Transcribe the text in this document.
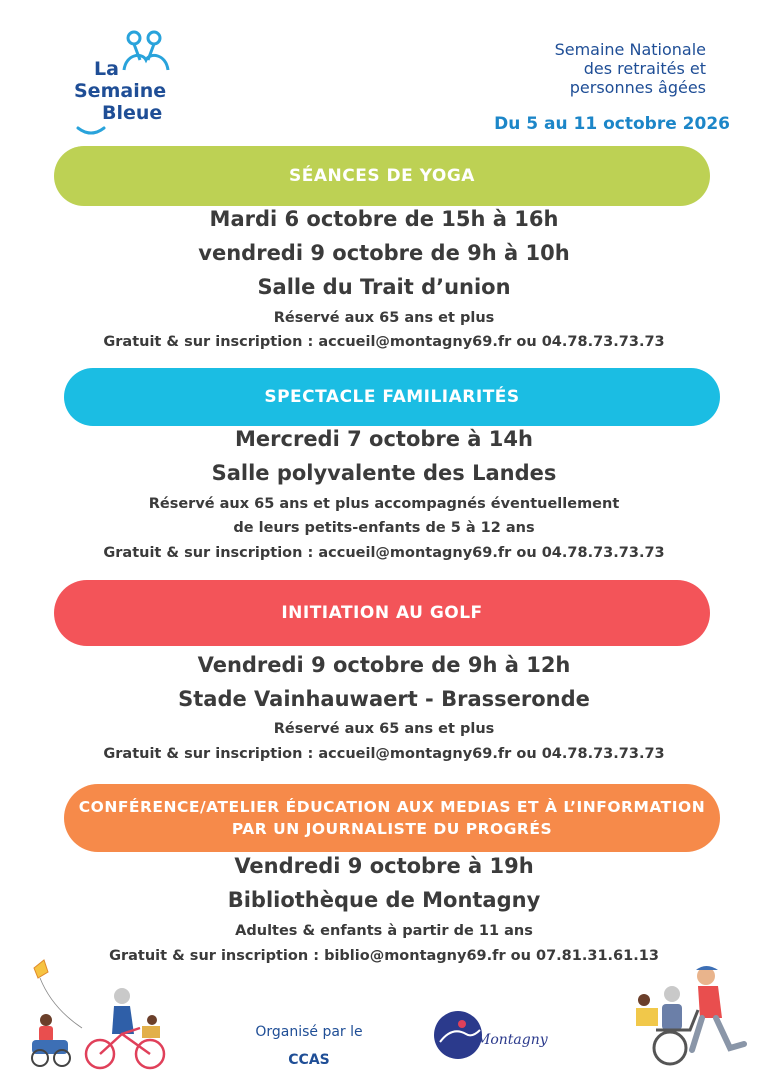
La
Semaine
Bleue
Semaine Nationale
des retraités et
personnes âgées
Du 5 au 11 octobre 2026
SÉANCES DE YOGA
Mardi 6 octobre de 15h à 16h
vendredi 9 octobre de 9h à 10h
Salle du Trait d’union
Réservé aux 65 ans et plus
Gratuit & sur inscription : accueil@montagny69.fr ou 04.78.73.73.73
SPECTACLE FAMILIARITÉS
Mercredi 7 octobre à 14h
Salle polyvalente des Landes
Réservé aux 65 ans et plus accompagnés éventuellement
de leurs petits-enfants de 5 à 12 ans
Gratuit & sur inscription : accueil@montagny69.fr ou 04.78.73.73.73
INITIATION AU GOLF
Vendredi 9 octobre de 9h à 12h
Stade Vainhauwaert - Brasseronde
Réservé aux 65 ans et plus
Gratuit & sur inscription : accueil@montagny69.fr ou 04.78.73.73.73
CONFÉRENCE/ATELIER ÉDUCATION AUX MEDIAS ET À L’INFORMATION
PAR UN JOURNALISTE DU PROGRÉS
Vendredi 9 octobre à 19h
Bibliothèque de Montagny
Adultes & enfants à partir de 11 ans
Gratuit & sur inscription : biblio@montagny69.fr ou 07.81.31.61.13
Organisé par le
CCAS
Montagny
